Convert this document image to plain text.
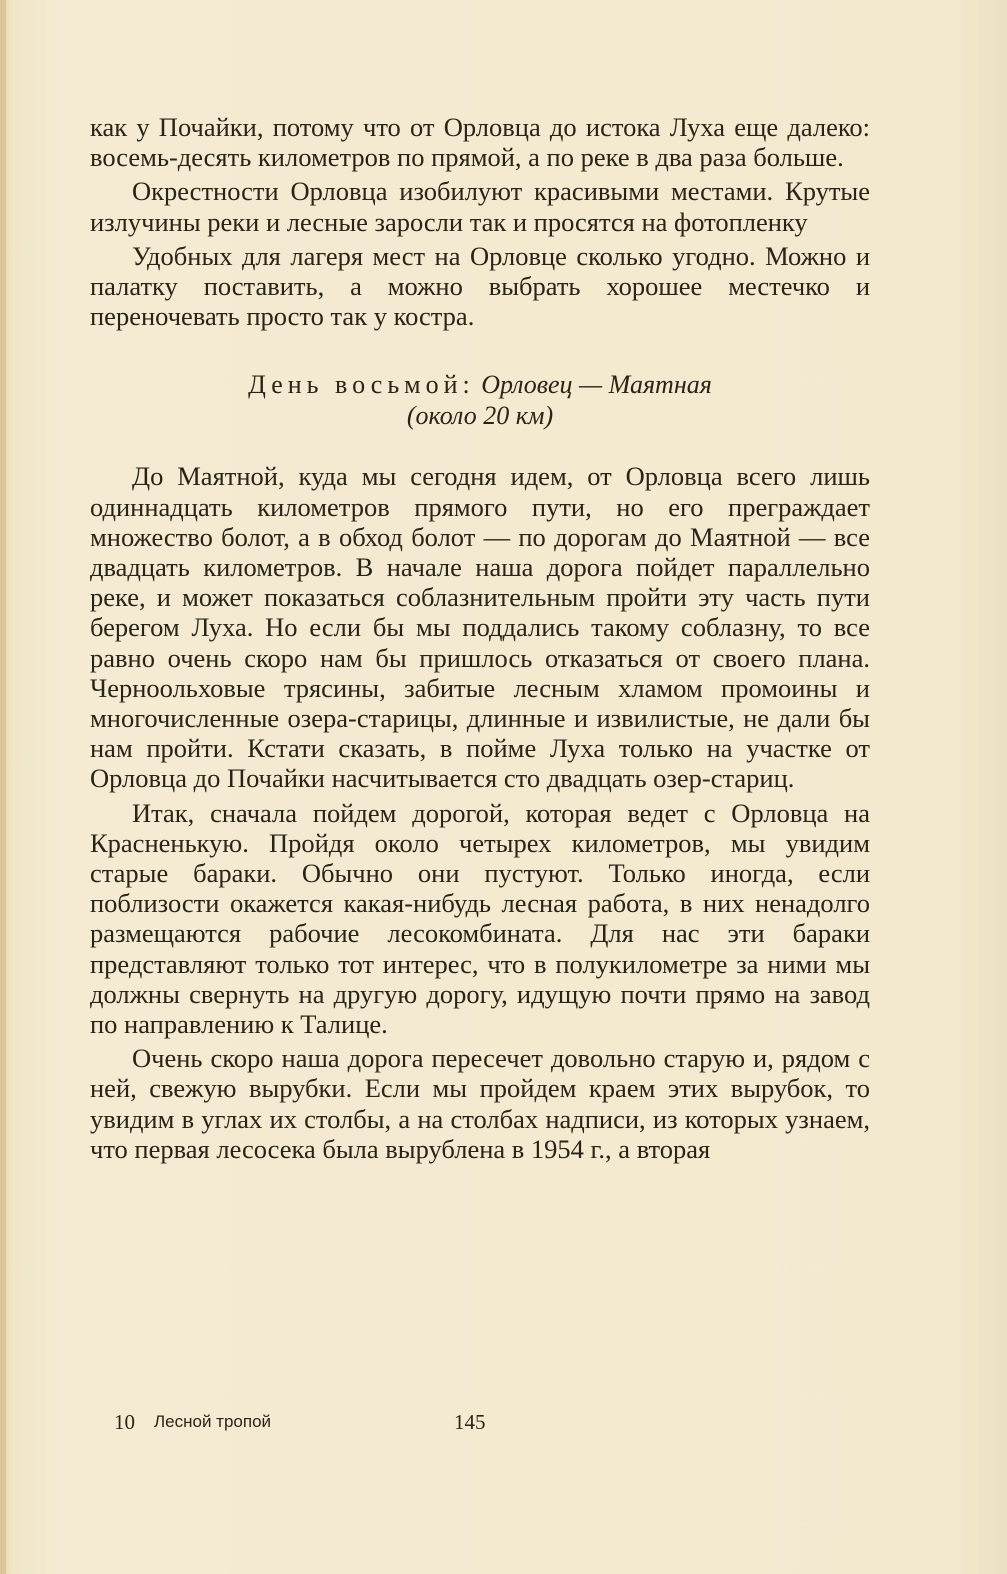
как у Почайки, потому что от Орловца до истока Луха еще далеко: восемь-десять километров по прямой, а по реке в два раза больше.

Окрестности Орловца изобилуют красивыми местами. Крутые излучины реки и лесные заросли так и просятся на фотопленку

Удобных для лагеря мест на Орловце сколько угодно. Можно и палатку поставить, а можно выбрать хорошее местечко и переночевать просто так у костра.

День восьмой: Орловец — Маятная
(около 20 км)

До Маятной, куда мы сегодня идем, от Орловца всего лишь одиннадцать километров прямого пути, но его преграждает множество болот, а в обход болот — по дорогам до Маятной — все двадцать километров. В начале наша дорога пойдет параллельно реке, и может показаться соблазнительным пройти эту часть пути берегом Луха. Но если бы мы поддались такому соблазну, то все равно очень скоро нам бы пришлось отказаться от своего плана. Черноольховые трясины, забитые лесным хламом промоины и многочисленные озера-старицы, длинные и извилистые, не дали бы нам пройти. Кстати сказать, в пойме Луха только на участке от Орловца до Почайки насчитывается сто двадцать озер-стариц.

Итак, сначала пойдем дорогой, которая ведет с Орловца на Красненькую. Пройдя около четырех километров, мы увидим старые бараки. Обычно они пустуют. Только иногда, если поблизости окажется какая-нибудь лесная работа, в них ненадолго размещаются рабочие лесокомбината. Для нас эти бараки представляют только тот интерес, что в полукилометре за ними мы должны свернуть на другую дорогу, идущую почти прямо на завод по направлению к Талице.

Очень скоро наша дорога пересечет довольно старую и, рядом с ней, свежую вырубки. Если мы пройдем краем этих вырубок, то увидим в углах их столбы, а на столбах надписи, из которых узнаем, что первая лесосека была вырублена в 1954 г., а вторая

10 Лесной тропой	145
